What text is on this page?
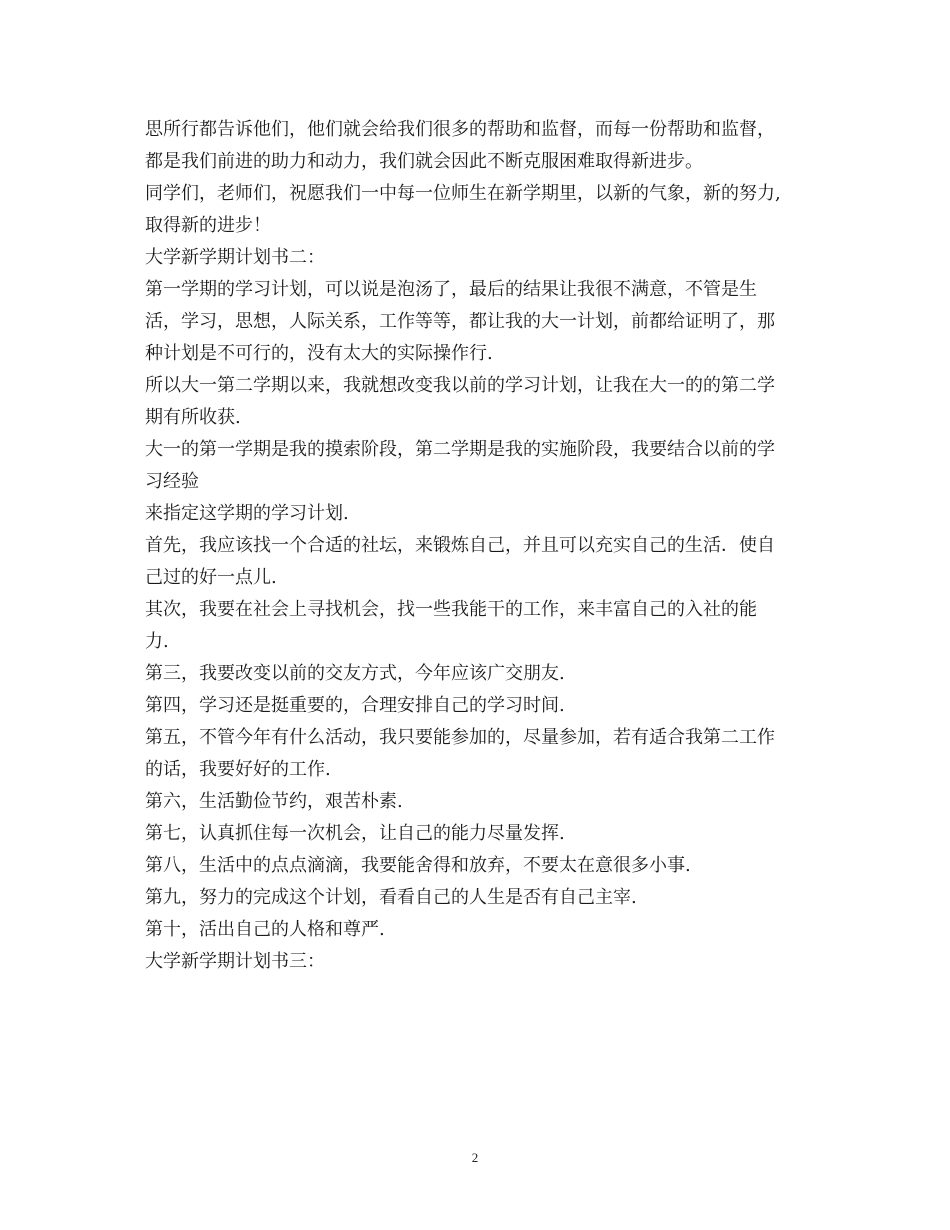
思所行都告诉他们，他们就会给我们很多的帮助和监督，而每一份帮助和监督，
都是我们前进的助力和动力，我们就会因此不断克服困难取得新进步。
同学们，老师们，祝愿我们一中每一位师生在新学期里，以新的气象，新的努力,
取得新的进步！
大学新学期计划书二：
第一学期的学习计划，可以说是泡汤了，最后的结果让我很不满意，不管是生
活，学习，思想，人际关系，工作等等，都让我的大一计划，前都给证明了，那
种计划是不可行的，没有太大的实际操作行.
所以大一第二学期以来，我就想改变我以前的学习计划，让我在大一的的第二学
期有所收获.
大一的第一学期是我的摸索阶段，第二学期是我的实施阶段，我要结合以前的学
习经验
来指定这学期的学习计划.
首先，我应该找一个合适的社坛，来锻炼自己，并且可以充实自己的生活．使自
己过的好一点儿.
其次，我要在社会上寻找机会，找一些我能干的工作，来丰富自己的入社的能
力.
第三，我要改变以前的交友方式，今年应该广交朋友.
第四，学习还是挺重要的，合理安排自己的学习时间.
第五，不管今年有什么活动，我只要能参加的，尽量参加，若有适合我第二工作
的话，我要好好的工作.
第六，生活勤俭节约，艰苦朴素.
第七，认真抓住每一次机会，让自己的能力尽量发挥.
第八，生活中的点点滴滴，我要能舍得和放弃，不要太在意很多小事.
第九，努力的完成这个计划，看看自己的人生是否有自己主宰.
第十，活出自己的人格和尊严.
大学新学期计划书三：

2
